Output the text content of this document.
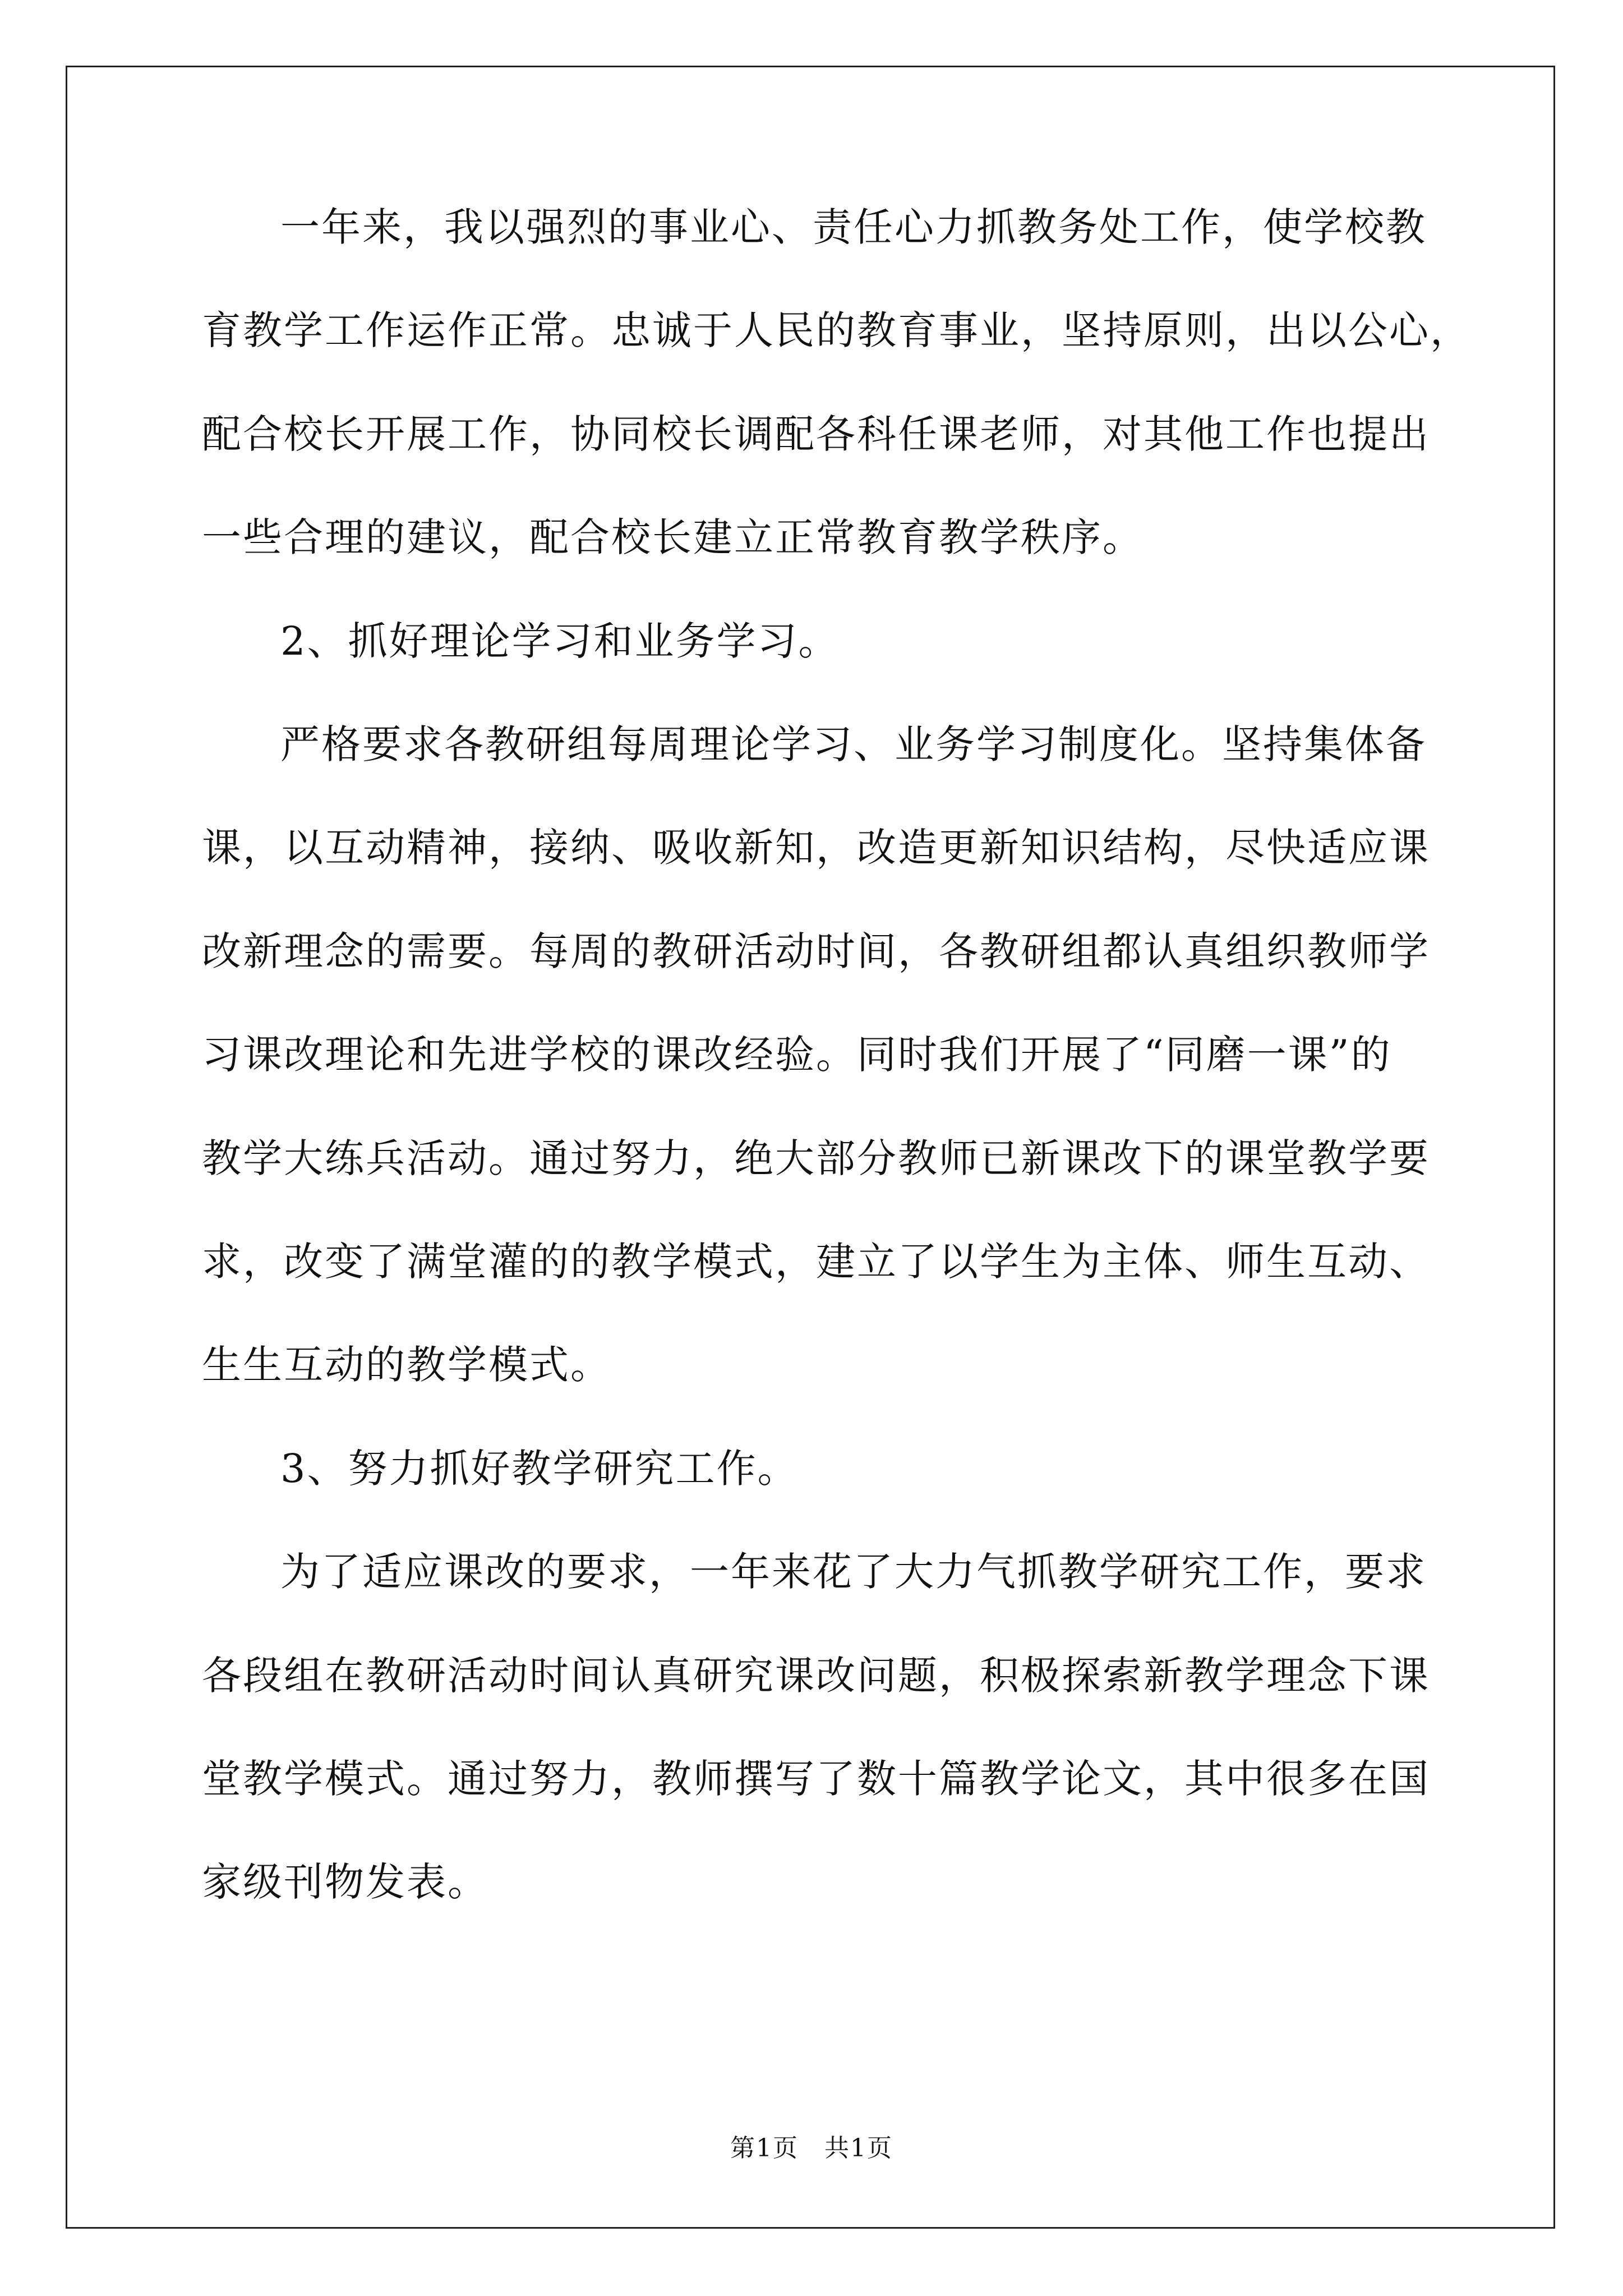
一年来，我以强烈的事业心、责任心力抓教务处工作，使学校教
育教学工作运作正常。忠诚于人民的教育事业，坚持原则，出以公心，
配合校长开展工作，协同校长调配各科任课老师，对其他工作也提出
一些合理的建议，配合校长建立正常教育教学秩序。
2、抓好理论学习和业务学习。
严格要求各教研组每周理论学习、业务学习制度化。坚持集体备
课，以互动精神，接纳、吸收新知，改造更新知识结构，尽快适应课
改新理念的需要。每周的教研活动时间，各教研组都认真组织教师学
习课改理论和先进学校的课改经验。同时我们开展了“同磨一课”的
教学大练兵活动。通过努力，绝大部分教师已新课改下的课堂教学要
求，改变了满堂灌的的教学模式，建立了以学生为主体、师生互动、
生生互动的教学模式。
3、努力抓好教学研究工作。
为了适应课改的要求，一年来花了大力气抓教学研究工作，要求
各段组在教研活动时间认真研究课改问题，积极探索新教学理念下课
堂教学模式。通过努力，教师撰写了数十篇教学论文，其中很多在国
家级刊物发表。
第1页　共1页
